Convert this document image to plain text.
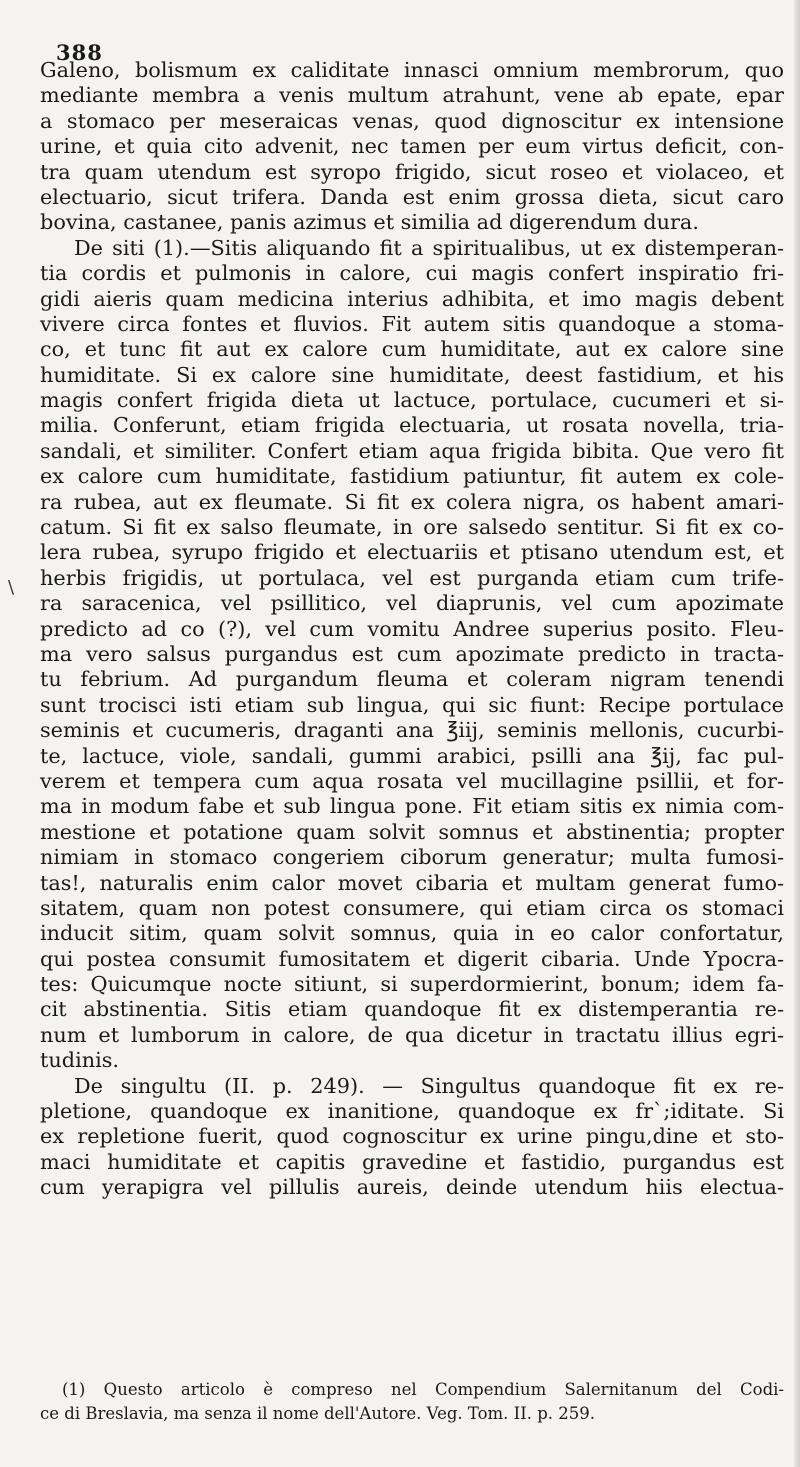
388
\
Galeno, bolismum ex caliditate innasci omnium membrorum, quo
mediante membra a venis multum atrahunt, vene ab epate, epar
a stomaco per meseraicas venas, quod dignoscitur ex intensione
urine, et quia cito advenit, nec tamen per eum virtus deficit, con-
tra quam utendum est syropo frigido, sicut roseo et violaceo, et
electuario, sicut trifera. Danda est enim grossa dieta, sicut caro
bovina, castanee, panis azimus et similia ad digerendum dura.
De siti (1).—Sitis aliquando fit a spiritualibus, ut ex distemperan-
tia cordis et pulmonis in calore, cui magis confert inspiratio fri-
gidi aieris quam medicina interius adhibita, et imo magis debent
vivere circa fontes et fluvios. Fit autem sitis quandoque a stoma-
co, et tunc fit aut ex calore cum humiditate, aut ex calore sine
humiditate. Si ex calore sine humiditate, deest fastidium, et his
magis confert frigida dieta ut lactuce, portulace, cucumeri et si-
milia. Conferunt, etiam frigida electuaria, ut rosata novella, tria-
sandali, et similiter. Confert etiam aqua frigida bibita. Que vero fit
ex calore cum humiditate, fastidium patiuntur, fit autem ex cole-
ra rubea, aut ex fleumate. Si fit ex colera nigra, os habent amari-
catum. Si fit ex salso fleumate, in ore salsedo sentitur. Si fit ex co-
lera rubea, syrupo frigido et electuariis et ptisano utendum est, et
herbis frigidis, ut portulaca, vel est purganda etiam cum trife-
ra saracenica, vel psillitico, vel diaprunis, vel cum apozimate
predicto ad co (?), vel cum vomitu Andree superius posito. Fleu-
ma vero salsus purgandus est cum apozimate predicto in tracta-
tu febrium. Ad purgandum fleuma et coleram nigram tenendi
sunt trocisci isti etiam sub lingua, qui sic fiunt: Recipe portulace
seminis et cucumeris, draganti ana ℥iij, seminis mellonis, cucurbi-
te, lactuce, viole, sandali, gummi arabici, psilli ana ℥ij, fac pul-
verem et tempera cum aqua rosata vel mucillagine psillii, et for-
ma in modum fabe et sub lingua pone. Fit etiam sitis ex nimia com-
mestione et potatione quam solvit somnus et abstinentia; propter
nimiam in stomaco congeriem ciborum generatur; multa fumosi-
tas!, naturalis enim calor movet cibaria et multam generat fumo-
sitatem, quam non potest consumere, qui etiam circa os stomaci
inducit sitim, quam solvit somnus, quia in eo calor confortatur,
qui postea consumit fumositatem et digerit cibaria. Unde Ypocra-
tes: Quicumque nocte sitiunt, si superdormierint, bonum; idem fa-
cit abstinentia. Sitis etiam quandoque fit ex distemperantia re-
num et lumborum in calore, de qua dicetur in tractatu illius egri-
tudinis.
De singultu (II. p. 249). — Singultus quandoque fit ex re-
pletione, quandoque ex inanitione, quandoque ex fr`;iditate. Si
ex repletione fuerit, quod cognoscitur ex urine pingu,dine et sto-
maci humiditate et capitis gravedine et fastidio, purgandus est
cum yerapigra vel pillulis aureis, deinde utendum hiis electua-
(1) Questo articolo è compreso nel Compendium Salernitanum del Codi-
ce di Breslavia, ma senza il nome dell'Autore. Veg. Tom. II. p. 259.
